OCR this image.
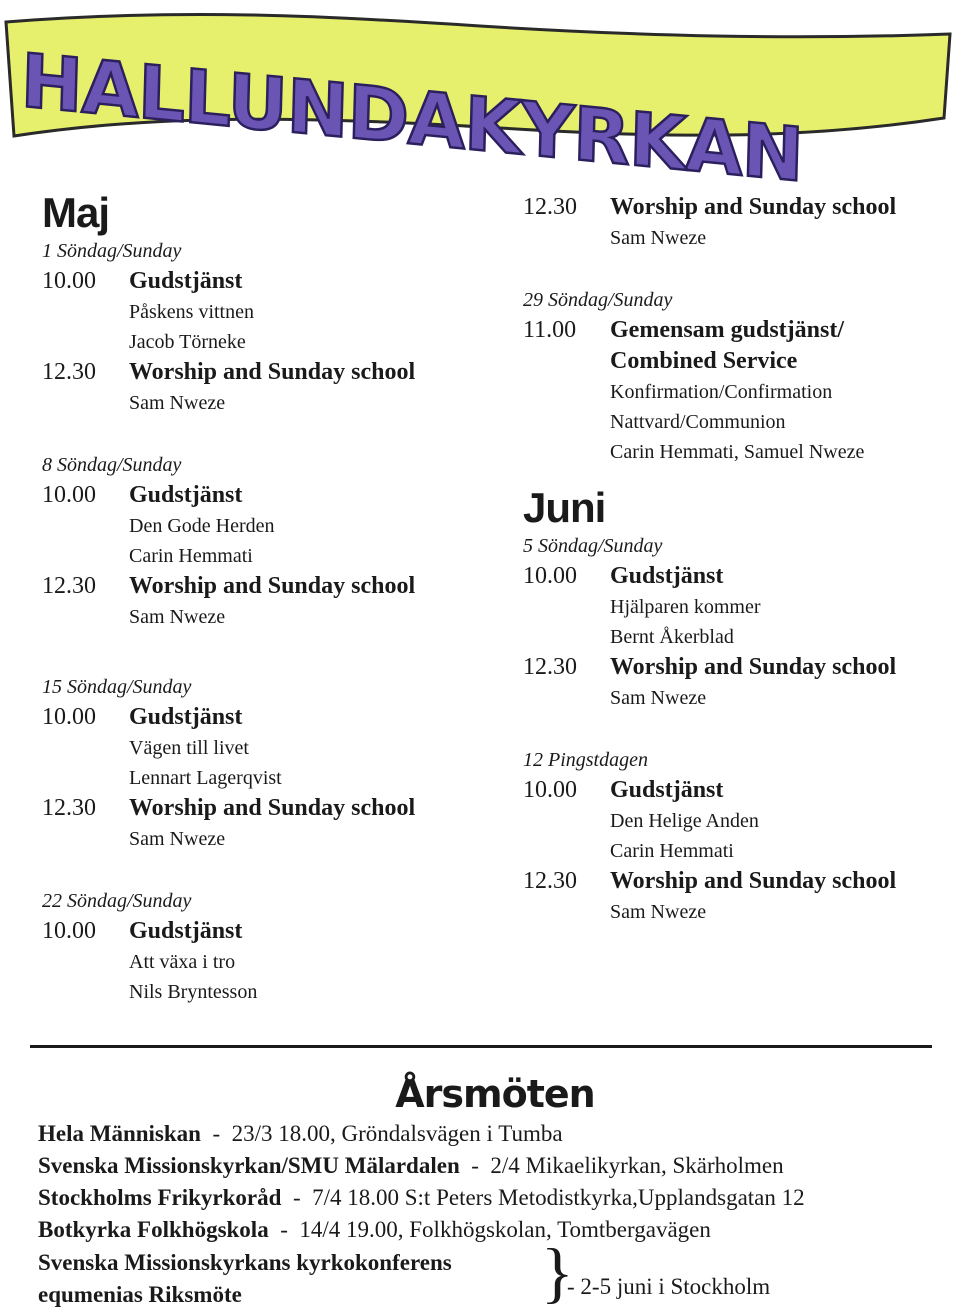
HALLUNDAKYRKAN
Maj

1 Söndag/Sunday

10.00	Gudstjänst
Påskens vittnen
Jacob Törneke
12.30	Worship and Sunday school
Sam Nweze

8 Söndag/Sunday

10.00	Gudstjänst
Den Gode Herden
Carin Hemmati
12.30	Worship and Sunday school
Sam Nweze

15 Söndag/Sunday

10.00	Gudstjänst
Vägen till livet
Lennart Lagerqvist
12.30	Worship and Sunday school
Sam Nweze

22 Söndag/Sunday

10.00	Gudstjänst
Att växa i tro
Nils Bryntesson
12.30	Worship and Sunday school
Sam Nweze

29 Söndag/Sunday

11.00	Gemensam gudstjänst/
Combined Service
Konfirmation/Confirmation
Nattvard/Communion
Carin Hemmati, Samuel Nweze
Juni

5 Söndag/Sunday

10.00	Gudstjänst
Hjälparen kommer
Bernt Åkerblad
12.30	Worship and Sunday school
Sam Nweze

12 Pingstdagen

10.00	Gudstjänst
Den Helige Anden
Carin Hemmati
12.30	Worship and Sunday school
Sam Nweze
Årsmöten
Hela Människan  -  23/3 18.00, Gröndalsvägen i Tumba
Svenska Missionskyrkan/SMU Mälardalen  -  2/4 Mikaelikyrkan, Skärholmen
Stockholms Frikyrkoråd  -  7/4 18.00 S:t Peters Metodistkyrka,Upplandsgatan 12
Botkyrka Folkhögskola  -  14/4 19.00, Folkhögskolan, Tomtbergavägen
Svenska Missionskyrkans kyrkokonferens
equmenias Riksmöte	}
- 2-5 juni i Stockholm
